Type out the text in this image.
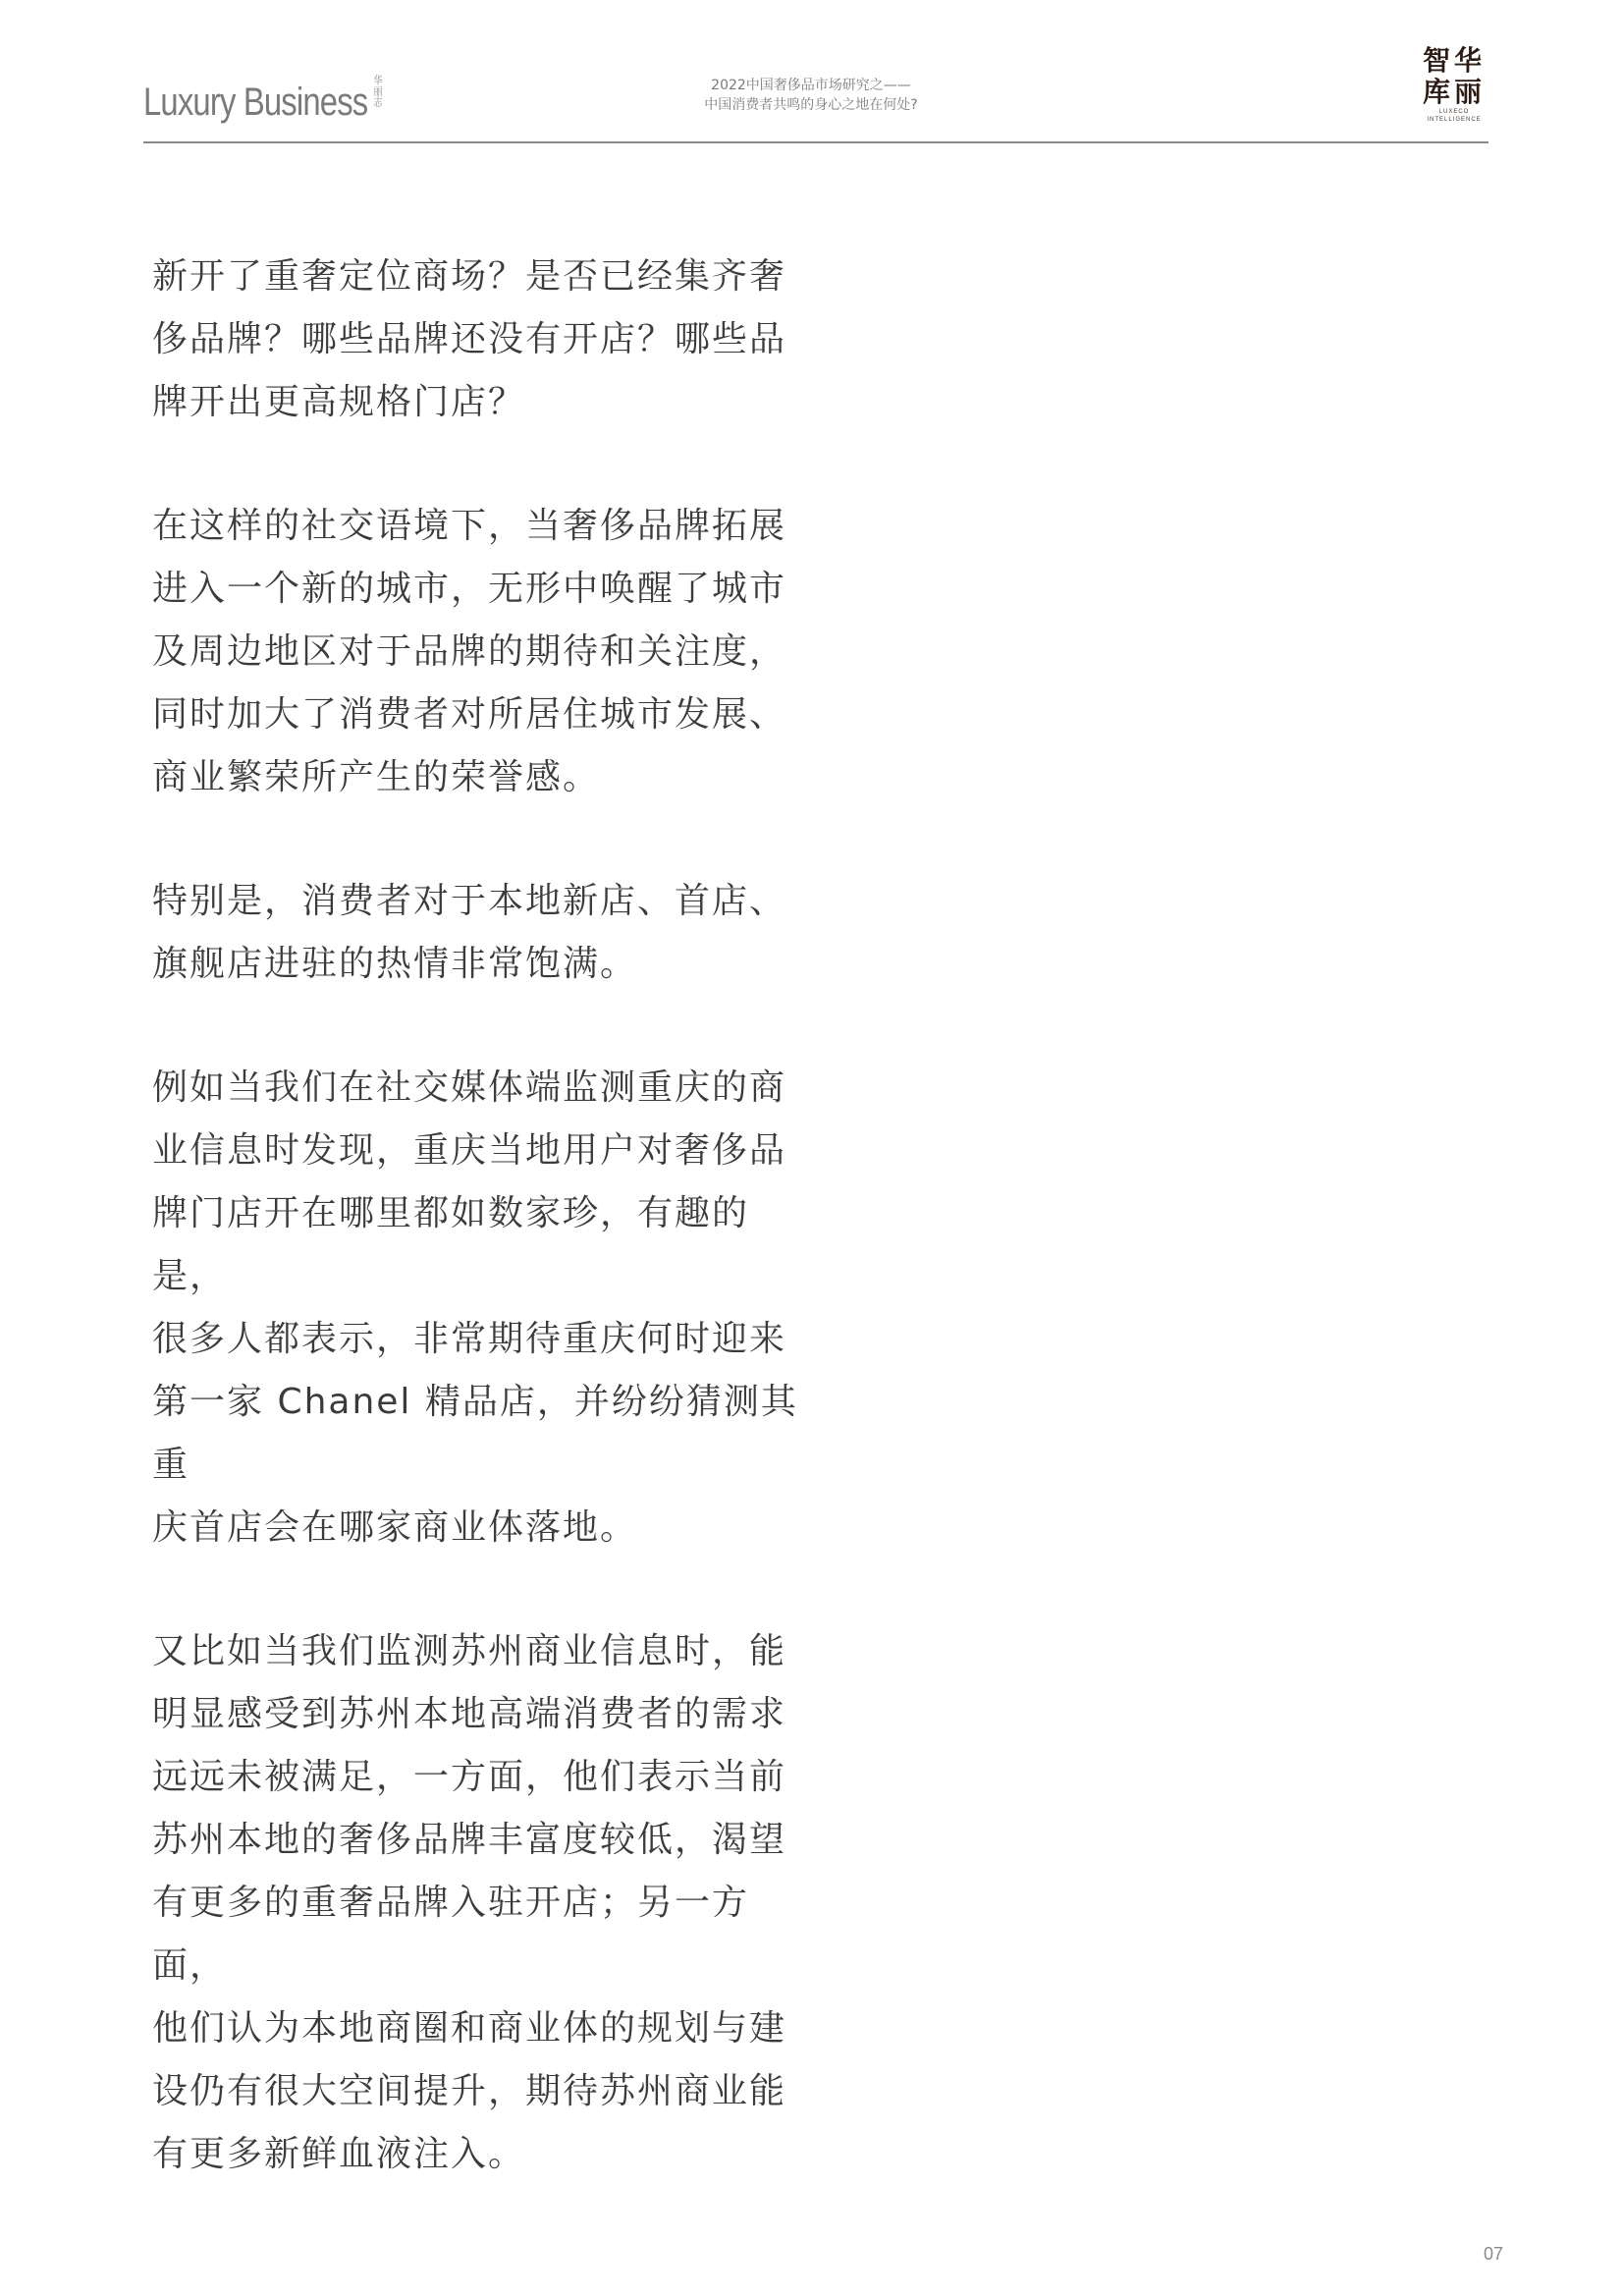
Luxury Business 华丽志	2022中国奢侈品市场研究之——
中国消费者共鸣的身心之地在何处?
智华
库丽
LUXECO
INTELLIGENCE

新开了重奢定位商场？是否已经集齐奢
侈品牌？哪些品牌还没有开店？哪些品
牌开出更高规格门店？

在这样的社交语境下，当奢侈品牌拓展
进入一个新的城市，无形中唤醒了城市
及周边地区对于品牌的期待和关注度，
同时加大了消费者对所居住城市发展、
商业繁荣所产生的荣誉感。

特别是，消费者对于本地新店、首店、
旗舰店进驻的热情非常饱满。

例如当我们在社交媒体端监测重庆的商
业信息时发现，重庆当地用户对奢侈品
牌门店开在哪里都如数家珍，有趣的是，
很多人都表示，非常期待重庆何时迎来
第一家 Chanel 精品店，并纷纷猜测其重
庆首店会在哪家商业体落地。

又比如当我们监测苏州商业信息时，能
明显感受到苏州本地高端消费者的需求
远远未被满足，一方面，他们表示当前
苏州本地的奢侈品牌丰富度较低，渴望
有更多的重奢品牌入驻开店；另一方面，
他们认为本地商圈和商业体的规划与建
设仍有很大空间提升，期待苏州商业能
有更多新鲜血液注入。

07
